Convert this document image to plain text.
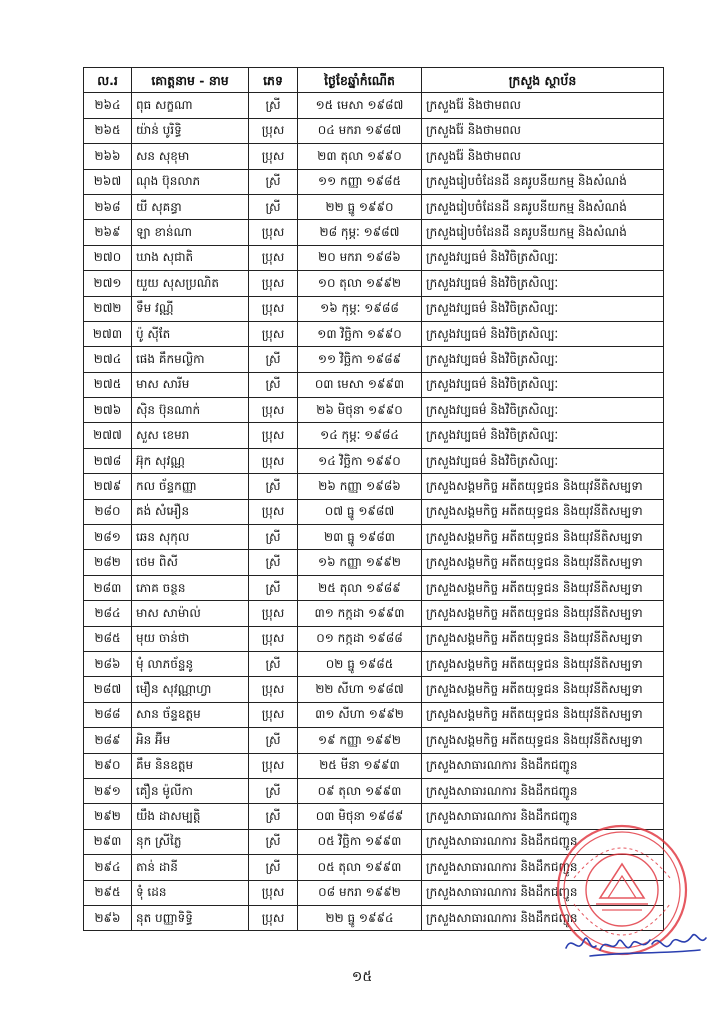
ល.រ	គោត្តនាម - នាម	ភេទ	ថ្ងៃខែឆ្នាំកំណើត	ក្រសួង ស្ថាប័ន
២៦៤	ពុធ សក្ខណា	ស្រី	១៥ មេសា ១៩៨៧	ក្រសួងរ៉ែ និងថាមពល
២៦៥	យ៉ាន់ បូរិទ្ធិ	ប្រុស	០៤ មករា ១៩៨៧	ក្រសួងរ៉ែ និងថាមពល
២៦៦	សន សុខុមា	ប្រុស	២៣ តុលា ១៩៩០	ក្រសួងរ៉ែ និងថាមពល
២៦៧	ណុង ប៊ុនលាភ	ស្រី	១១ កញ្ញា ១៩៨៥	ក្រសួងរៀបចំដែនដី នគរូបនីយកម្ម និងសំណង់
២៦៨	យី សុគន្ធា	ស្រី	២២ ធ្នូ ១៩៩០	ក្រសួងរៀបចំដែនដី នគរូបនីយកម្ម និងសំណង់
២៦៩	ឡា ខាន់ណា	ប្រុស	២៨ កុម្ភៈ ១៩៨៧	ក្រសួងរៀបចំដែនដី នគរូបនីយកម្ម និងសំណង់
២៧០	ឃាង សុជាតិ	ប្រុស	២០ មករា ១៩៨៦	ក្រសួងវប្បធម៌ និងវិចិត្រសិល្បៈ
២៧១	យួយ សុសប្រណិត	ប្រុស	១០ តុលា ១៩៩២	ក្រសួងវប្បធម៌ និងវិចិត្រសិល្បៈ
២៧២	ទឹម វណ្ណី	ប្រុស	១៦ កុម្ភៈ ១៩៨៨	ក្រសួងវប្បធម៌ និងវិចិត្រសិល្បៈ
២៧៣	ប៉ូ ស៊ីតែ	ប្រុស	១៣ វិច្ឆិកា ១៩៩០	ក្រសួងវប្បធម៌ និងវិចិត្រសិល្បៈ
២៧៤	ផេង គឹកមល្លិកា	ស្រី	១១ វិច្ឆិកា ១៩៨៩	ក្រសួងវប្បធម៌ និងវិចិត្រសិល្បៈ
២៧៥	មាស សារីម	ស្រី	០៣ មេសា ១៩៩៣	ក្រសួងវប្បធម៌ និងវិចិត្រសិល្បៈ
២៧៦	ស៊ិន ប៊ុនណាក់	ប្រុស	២៦ មិថុនា ១៩៩០	ក្រសួងវប្បធម៌ និងវិចិត្រសិល្បៈ
២៧៧	សួស ខេមរា	ប្រុស	១៤ កុម្ភៈ ១៩៨៤	ក្រសួងវប្បធម៌ និងវិចិត្រសិល្បៈ
២៧៨	អ៊ុក សុវណ្ណ	ប្រុស	១៤ វិច្ឆិកា ១៩៩០	ក្រសួងវប្បធម៌ និងវិចិត្រសិល្បៈ
២៧៩	កល ច័ន្ទកញ្ញា	ស្រី	២៦ កញ្ញា ១៩៨៦	ក្រសួងសង្គមកិច្ច អតីតយុទ្ធជន និងយុវនីតិសម្បទា
២៨០	គង់ សំអឿន	ប្រុស	០៧ ធ្នូ ១៩៨៧	ក្រសួងសង្គមកិច្ច អតីតយុទ្ធជន និងយុវនីតិសម្បទា
២៨១	ឆេន សុកុល	ស្រី	២៣ ធ្នូ ១៩៨៣	ក្រសួងសង្គមកិច្ច អតីតយុទ្ធជន និងយុវនីតិសម្បទា
២៨២	ថេម ពិសី	ស្រី	១៦ កញ្ញា ១៩៩២	ក្រសួងសង្គមកិច្ច អតីតយុទ្ធជន និងយុវនីតិសម្បទា
២៨៣	ភោគ ចន្ថន	ស្រី	២៥ តុលា ១៩៨៩	ក្រសួងសង្គមកិច្ច អតីតយុទ្ធជន និងយុវនីតិសម្បទា
២៨៤	មាស សាម៉ាល់	ប្រុស	៣១ កក្កដា ១៩៩៣	ក្រសួងសង្គមកិច្ច អតីតយុទ្ធជន និងយុវនីតិសម្បទា
២៨៥	មុយ ចាន់ថា	ប្រុស	០១ កក្កដា ១៩៨៨	ក្រសួងសង្គមកិច្ច អតីតយុទ្ធជន និងយុវនីតិសម្បទា
២៨៦	មុំ លាភច័ន្ទនូ	ស្រី	០២ ធ្នូ ១៩៨៥	ក្រសួងសង្គមកិច្ច អតីតយុទ្ធជន និងយុវនីតិសម្បទា
២៨៧	មឿន សុវណ្ណាហ្វា	ប្រុស	២២ សីហា ១៩៨៧	ក្រសួងសង្គមកិច្ច អតីតយុទ្ធជន និងយុវនីតិសម្បទា
២៨៨	សាន ច័ន្ទឧត្តម	ប្រុស	៣១ សីហា ១៩៩២	ក្រសួងសង្គមកិច្ច អតីតយុទ្ធជន និងយុវនីតិសម្បទា
២៨៩	អិន អ៊ីម	ស្រី	១៩ កញ្ញា ១៩៩២	ក្រសួងសង្គមកិច្ច អតីតយុទ្ធជន និងយុវនីតិសម្បទា
២៩០	គឹម និនឧត្តម	ប្រុស	២៥ មីនា ១៩៩៣	ក្រសួងសាធារណការ និងដឹកជញ្ជូន
២៩១	គឿន ម៉ូលីកា	ស្រី	០៩ តុលា ១៩៩៣	ក្រសួងសាធារណការ និងដឹកជញ្ជូន
២៩២	យឹង ដាសម្បត្តិ	ស្រី	០៣ មិថុនា ១៩៨៩	ក្រសួងសាធារណការ និងដឹកជញ្ជូន
២៩៣	នុក ស្រីភ្លៃ	ស្រី	០៥ វិច្ឆិកា ១៩៩៣	ក្រសួងសាធារណការ និងដឹកជញ្ជូន
២៩៤	តាន់ ដានី	ស្រី	០៥ តុលា ១៩៩៣	ក្រសួងសាធារណការ និងដឹកជញ្ជូន
២៩៥	ទុំ ដេន	ប្រុស	០៨ មករា ១៩៩២	ក្រសួងសាធារណការ និងដឹកជញ្ជូន
២៩៦	នុត បញ្ញាទិទ្ធិ	ប្រុស	២២ ធ្នូ ១៩៩៤	ក្រសួងសាធារណការ និងដឹកជញ្ជូន
១៥
